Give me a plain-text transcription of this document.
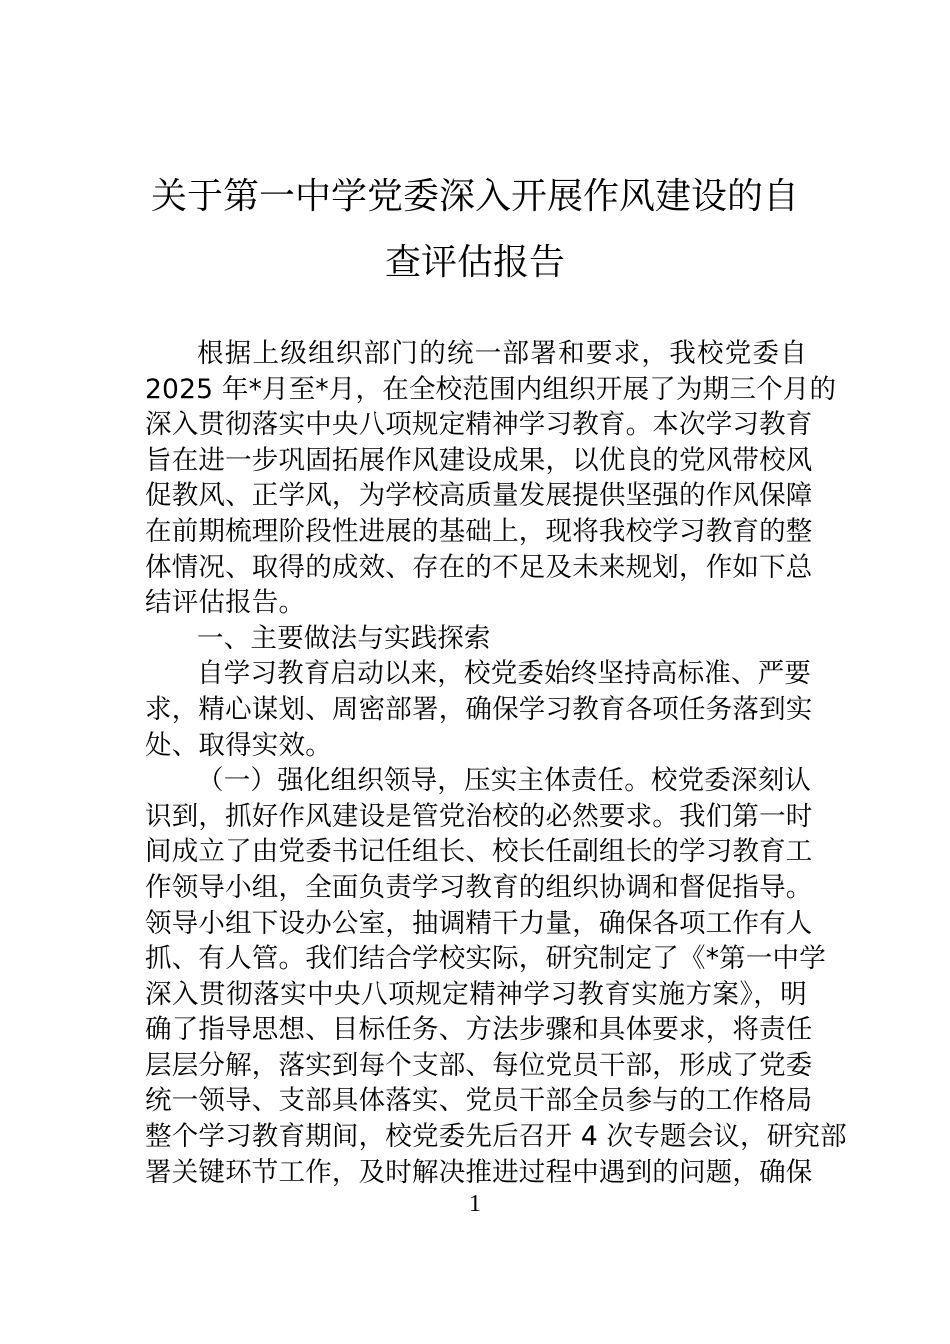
关于第一中学党委深入开展作风建设的自
查评估报告
根据上级组织部门的统一部署和要求，我校党委自
2025 年*月至*月，在全校范围内组织开展了为期三个月的
深入贯彻落实中央八项规定精神学习教育。本次学习教育
旨在进一步巩固拓展作风建设成果，以优良的党风带校风
促教风、正学风，为学校高质量发展提供坚强的作风保障
在前期梳理阶段性进展的基础上，现将我校学习教育的整
体情况、取得的成效、存在的不足及未来规划，作如下总
结评估报告。
一、主要做法与实践探索
自学习教育启动以来，校党委始终坚持高标准、严要
求，精心谋划、周密部署，确保学习教育各项任务落到实
处、取得实效。
（一）强化组织领导，压实主体责任。校党委深刻认
识到，抓好作风建设是管党治校的必然要求。我们第一时
间成立了由党委书记任组长、校长任副组长的学习教育工
作领导小组，全面负责学习教育的组织协调和督促指导。
领导小组下设办公室，抽调精干力量，确保各项工作有人
抓、有人管。我们结合学校实际，研究制定了《*第一中学
深入贯彻落实中央八项规定精神学习教育实施方案》，明
确了指导思想、目标任务、方法步骤和具体要求，将责任
层层分解，落实到每个支部、每位党员干部，形成了党委
统一领导、支部具体落实、党员干部全员参与的工作格局
整个学习教育期间，校党委先后召开 4 次专题会议，研究部
署关键环节工作，及时解决推进过程中遇到的问题，确保
1
